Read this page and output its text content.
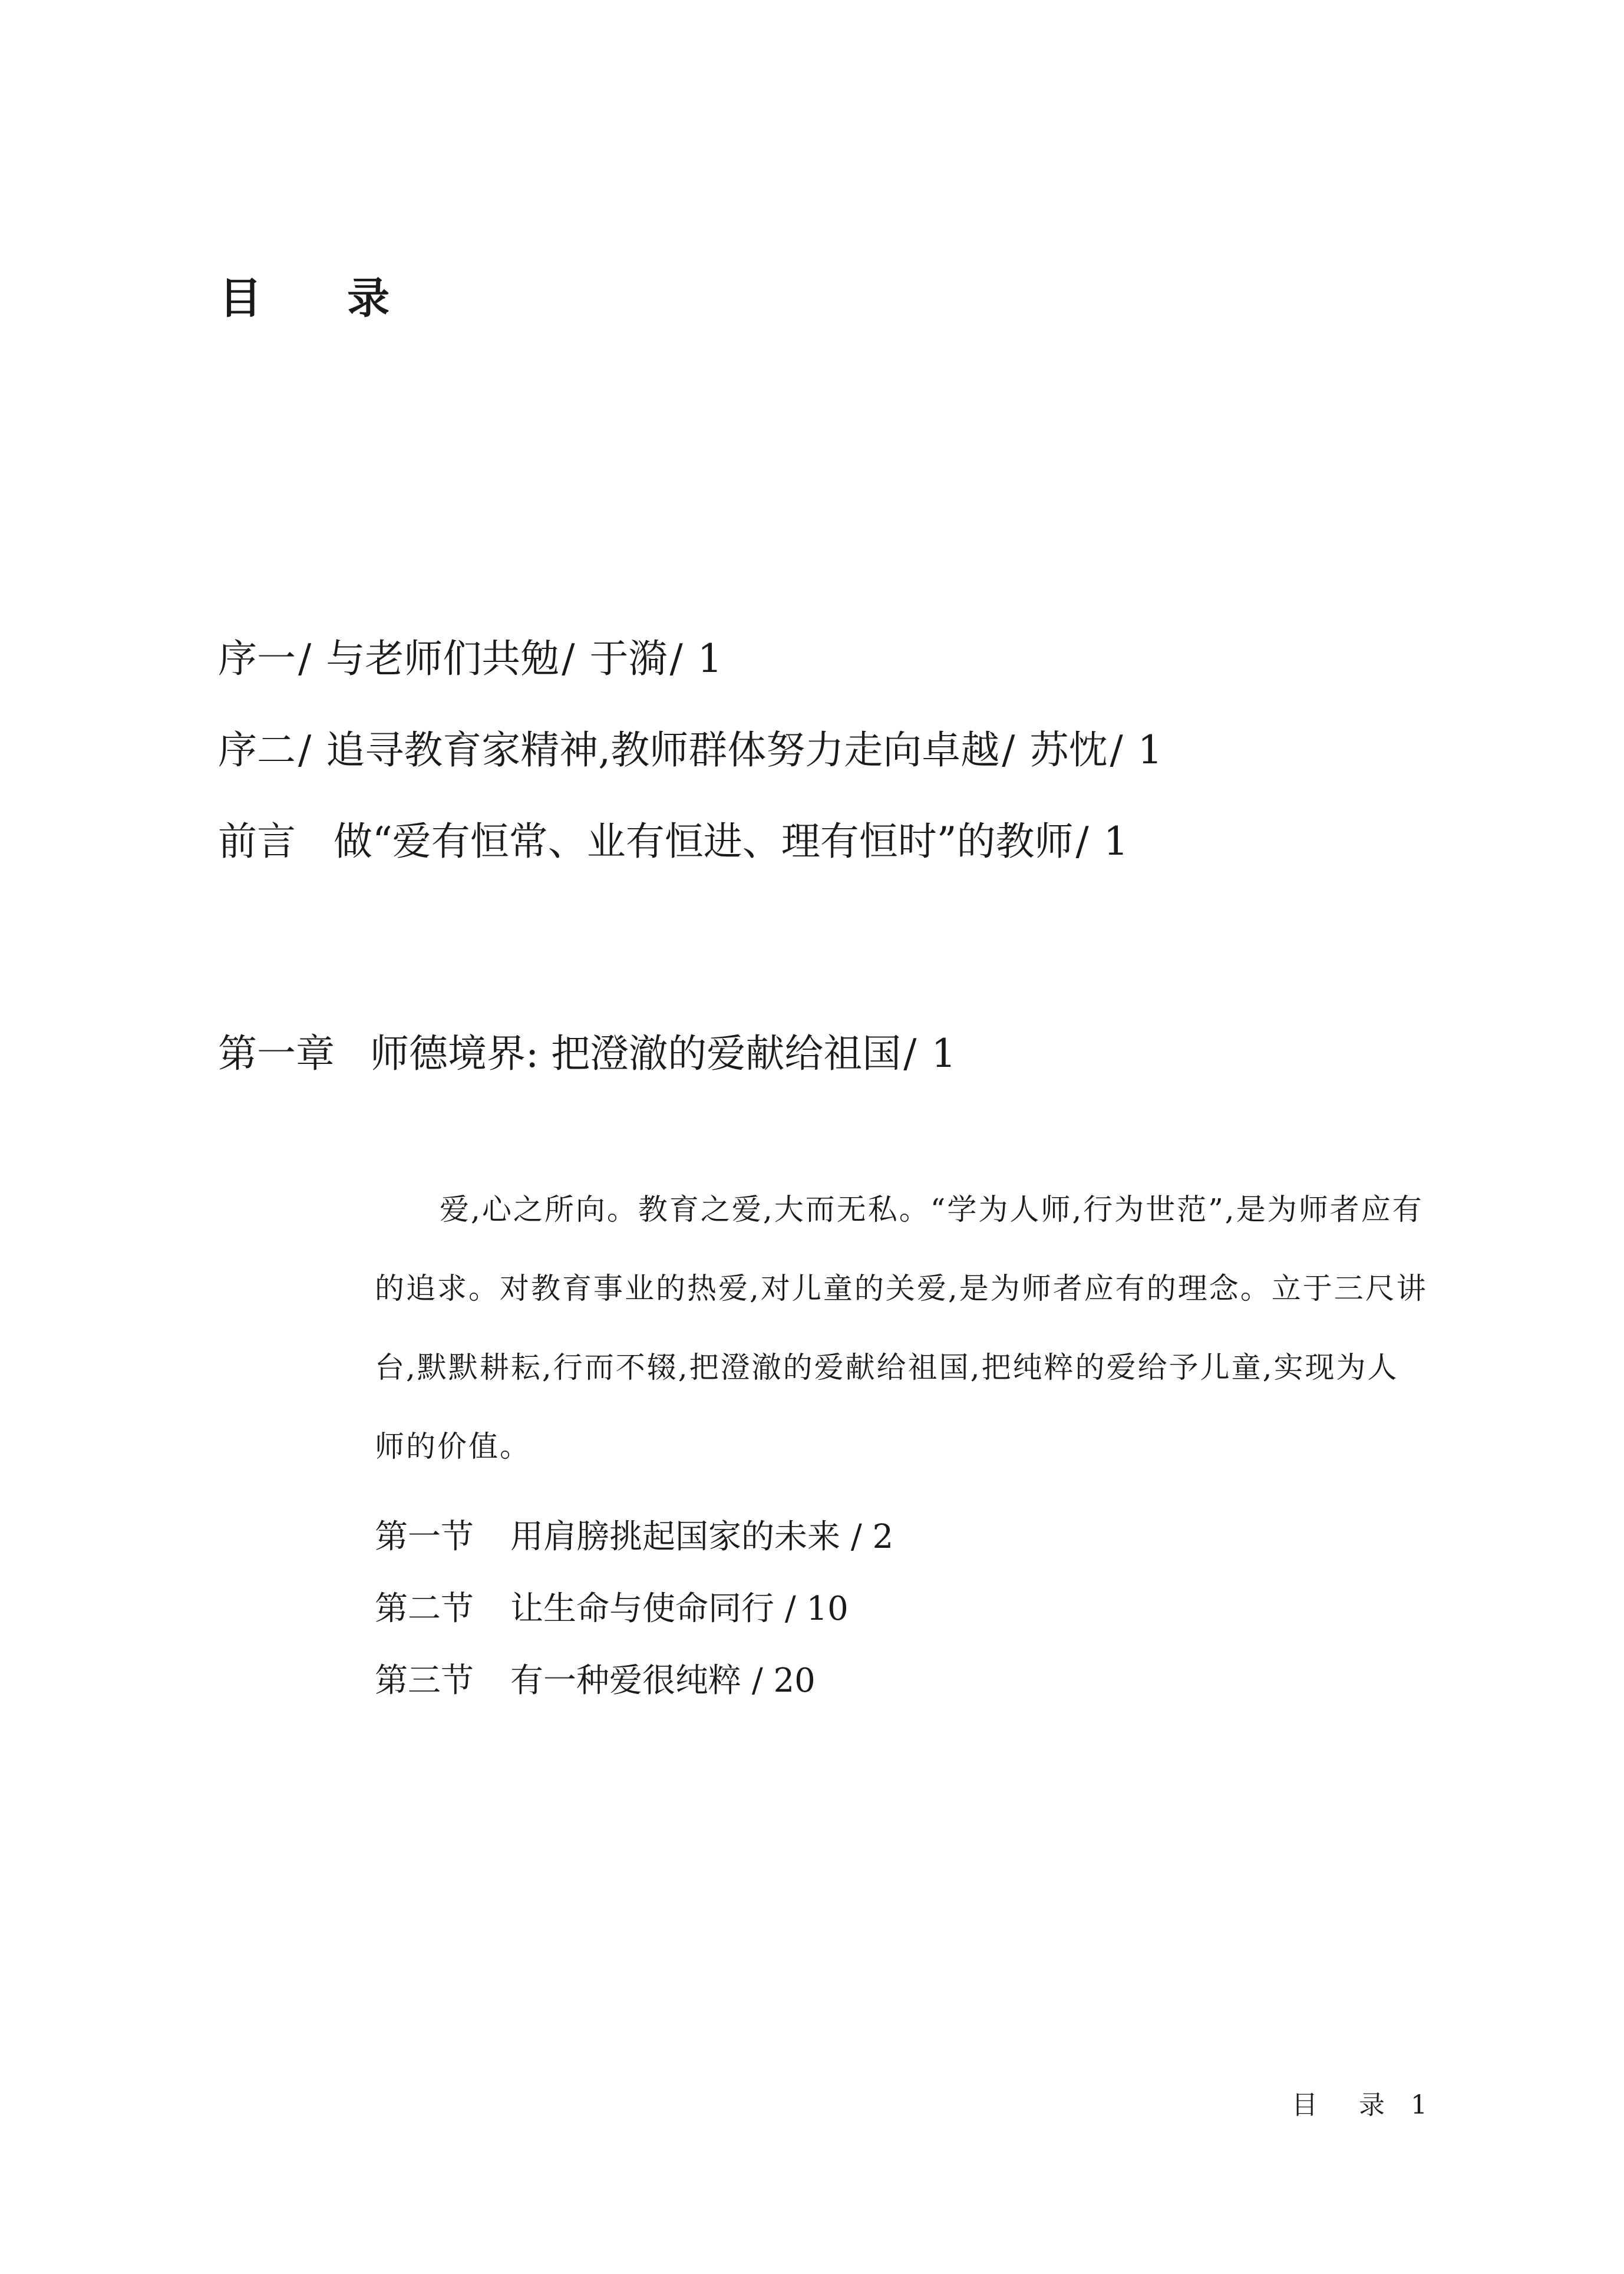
目 录
序一/ 与老师们共勉/ 于漪/ 1
序二/ 追寻教育家精神,教师群体努力走向卓越/ 苏忱/ 1
前言 做“爱有恒常、业有恒进、理有恒时”的教师/ 1
第一章 师德境界: 把澄澈的爱献给祖国/ 1
爱,心之所向。教育之爱,大而无私。“学为人师,行为世范”,是为师者应有的追求。对教育事业的热爱,对儿童的关爱,是为师者应有的理念。立于三尺讲台,默默耕耘,行而不辍,把澄澈的爱献给祖国,把纯粹的爱给予儿童,实现为人师的价值。
第一节 用肩膀挑起国家的未来 / 2
第二节 让生命与使命同行 / 10
第三节 有一种爱很纯粹 / 20
目 录 1
